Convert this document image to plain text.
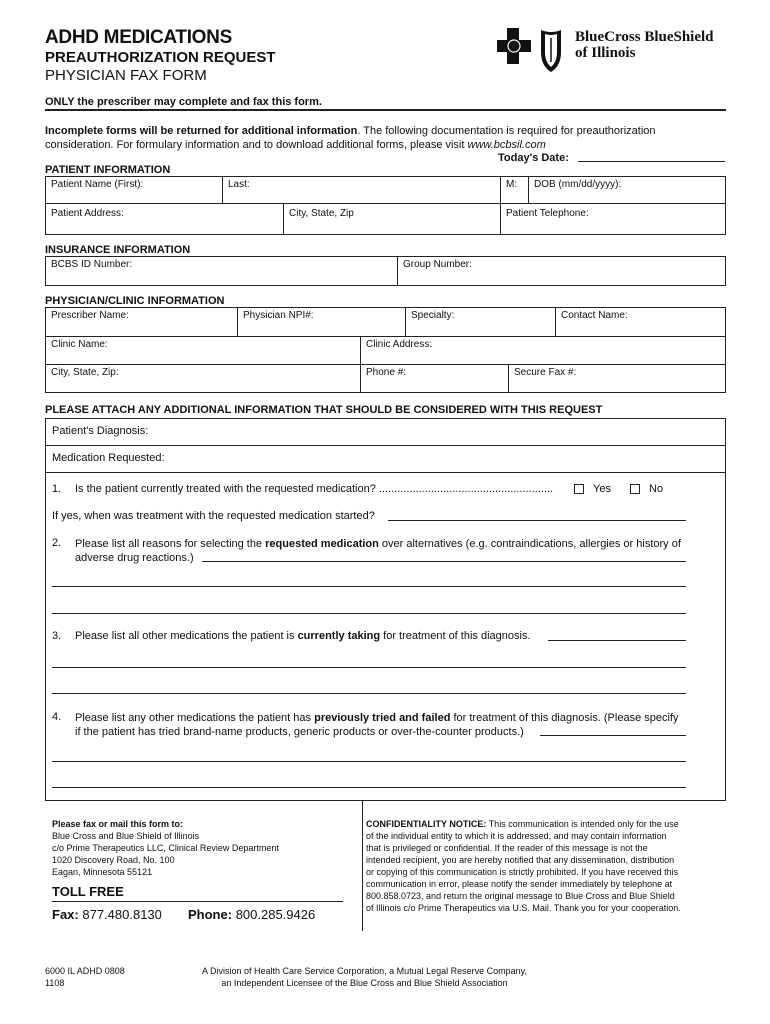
ADHD MEDICATIONS
PREAUTHORIZATION REQUEST
PHYSICIAN FAX FORM
BlueCross BlueShield
of Illinois
ONLY the prescriber may complete and fax this form.
Incomplete forms will be returned for additional information. The following documentation is required for preauthorization
consideration. For formulary information and to download additional forms, please visit www.bcbsil.com
Today's Date:
PATIENT INFORMATION
Patient Name (First):	Last:	M:	DOB (mm/dd/yyyy):
Patient Address:	City, State, Zip	Patient Telephone:
INSURANCE INFORMATION
BCBS ID Number:	Group Number:
PHYSICIAN/CLINIC INFORMATION
Prescriber Name:	Physician NPI#:	Specialty:	Contact Name:
Clinic Name:	Clinic Address:
City, State, Zip:	Phone #:	Secure Fax #:
PLEASE ATTACH ANY ADDITIONAL INFORMATION THAT SHOULD BE CONSIDERED WITH THIS REQUEST
Patient's Diagnosis:
Medication Requested:
1. Is the patient currently treated with the requested medication? .........................................................	Yes	No
If yes, when was treatment with the requested medication started?
2. Please list all reasons for selecting the requested medication over alternatives (e.g. contraindications, allergies or history of
adverse drug reactions.)
3. Please list all other medications the patient is currently taking for treatment of this diagnosis.
4. Please list any other medications the patient has previously tried and failed for treatment of this diagnosis. (Please specify
if the patient has tried brand-name products, generic products or over-the-counter products.)
Please fax or mail this form to:
Blue Cross and Blue Shield of Illinois
c/o Prime Therapeutics LLC, Clinical Review Department
1020 Discovery Road, No. 100
Eagan, Minnesota 55121
TOLL FREE
Fax: 877.480.8130 Phone: 800.285.9426
CONFIDENTIALITY NOTICE: This communication is intended only for the use
of the individual entity to which it is addressed, and may contain information
that is privileged or confidential. If the reader of this message is not the
intended recipient, you are hereby notified that any dissemination, distribution
or copying of this communication is strictly prohibited. If you have received this
communication in error, please notify the sender immediately by telephone at
800.858.0723, and return the original message to Blue Cross and Blue Shield
of Illinois c/o Prime Therapeutics via U.S. Mail. Thank you for your cooperation.
6000 IL ADHD 0808
1108
A Division of Health Care Service Corporation, a Mutual Legal Reserve Company,
an Independent Licensee of the Blue Cross and Blue Shield Association
